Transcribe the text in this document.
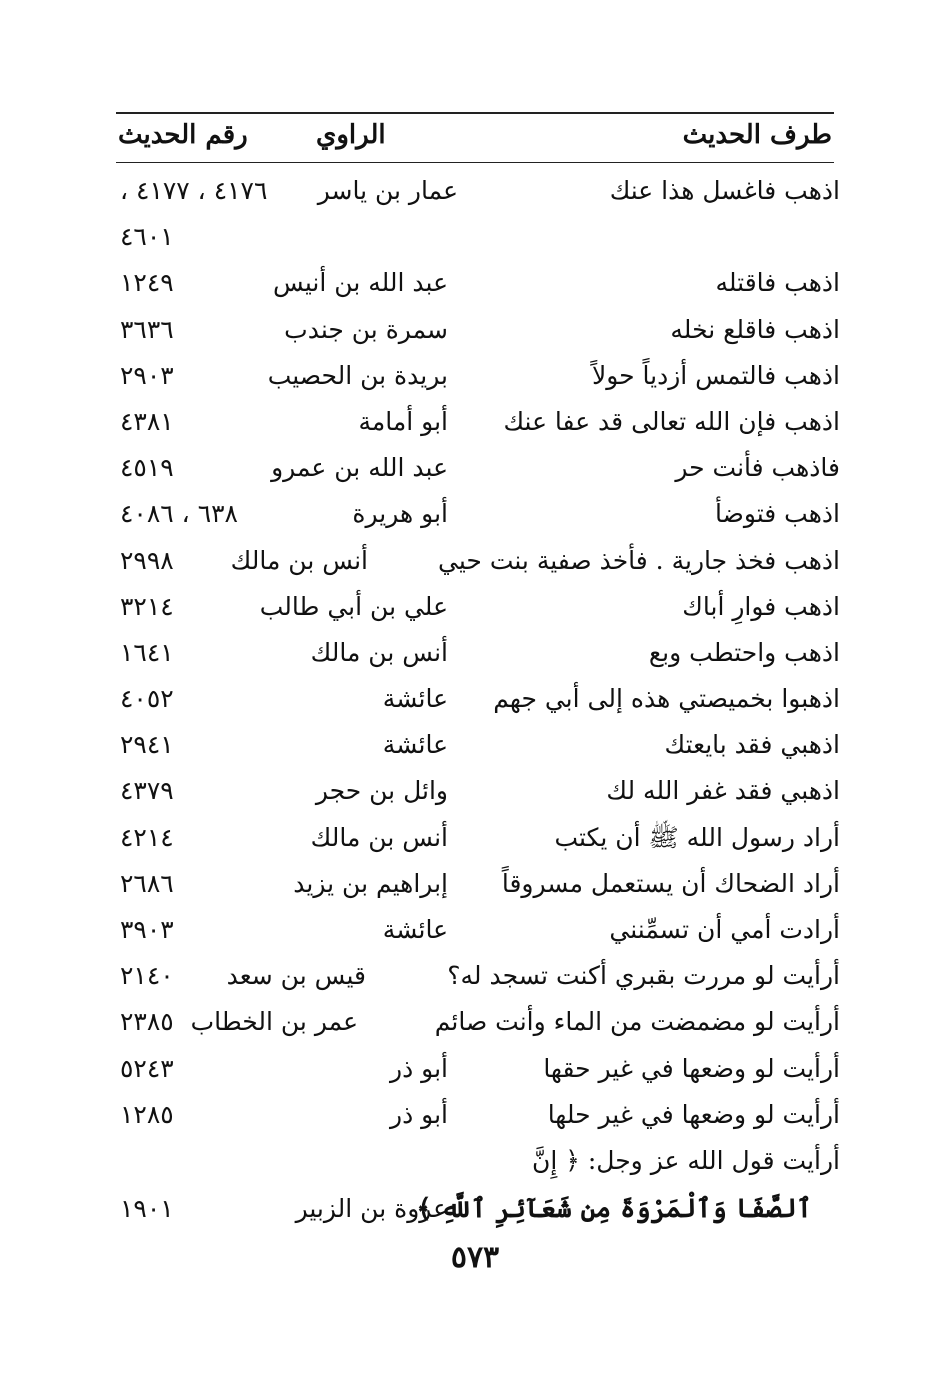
طرف الحديث
الراوي
رقم الحديث
اذهب فاغسل هذا عنك
عمار بن ياسر
٤١٧٦ ، ٤١٧٧ ،
٤٦٠١
اذهب فاقتله
عبد الله بن أنيس
١٢٤٩
اذهب فاقلع نخله
سمرة بن جندب
٣٦٣٦
اذهب فالتمس أزدياً حولاً
بريدة بن الحصيب
٢٩٠٣
اذهب فإن الله تعالى قد عفا عنك
أبو أمامة
٤٣٨١
فاذهب فأنت حر
عبد الله بن عمرو
٤٥١٩
اذهب فتوضأ
أبو هريرة
٦٣٨ ، ٤٠٨٦
اذهب فخذ جارية . فأخذ صفية بنت حيي
أنس بن مالك
٢٩٩٨
اذهب فوارِ أباك
علي بن أبي طالب
٣٢١٤
اذهب واحتطب وبع
أنس بن مالك
١٦٤١
اذهبوا بخميصتي هذه إلى أبي جهم
عائشة
٤٠٥٢
اذهبي فقد بايعتك
عائشة
٢٩٤١
اذهبي فقد غفر الله لك
وائل بن حجر
٤٣٧٩
أراد رسول الله ﷺ أن يكتب
أنس بن مالك
٤٢١٤
أراد الضحاك أن يستعمل مسروقاً
إبراهيم بن يزيد
٢٦٨٦
أرادت أمي أن تسمِّنني
عائشة
٣٩٠٣
أرأيت لو مررت بقبري أكنت تسجد له؟
قيس بن سعد
٢١٤٠
أرأيت لو مضمضت من الماء وأنت صائم
عمر بن الخطاب
٢٣٨٥
أرأيت لو وضعها في غير حقها
أبو ذر
٥٢٤٣
أرأيت لو وضعها في غير حلها
أبو ذر
١٢٨٥
أرأيت قول الله عز وجل: ﴿ إِنَّ
ٱلصَّفَا وَٱلْمَرْوَةَ مِن شَعَآئِرِ ٱللَّهِ ﴾
عروة بن الزبير
١٩٠١
٥٧٣
